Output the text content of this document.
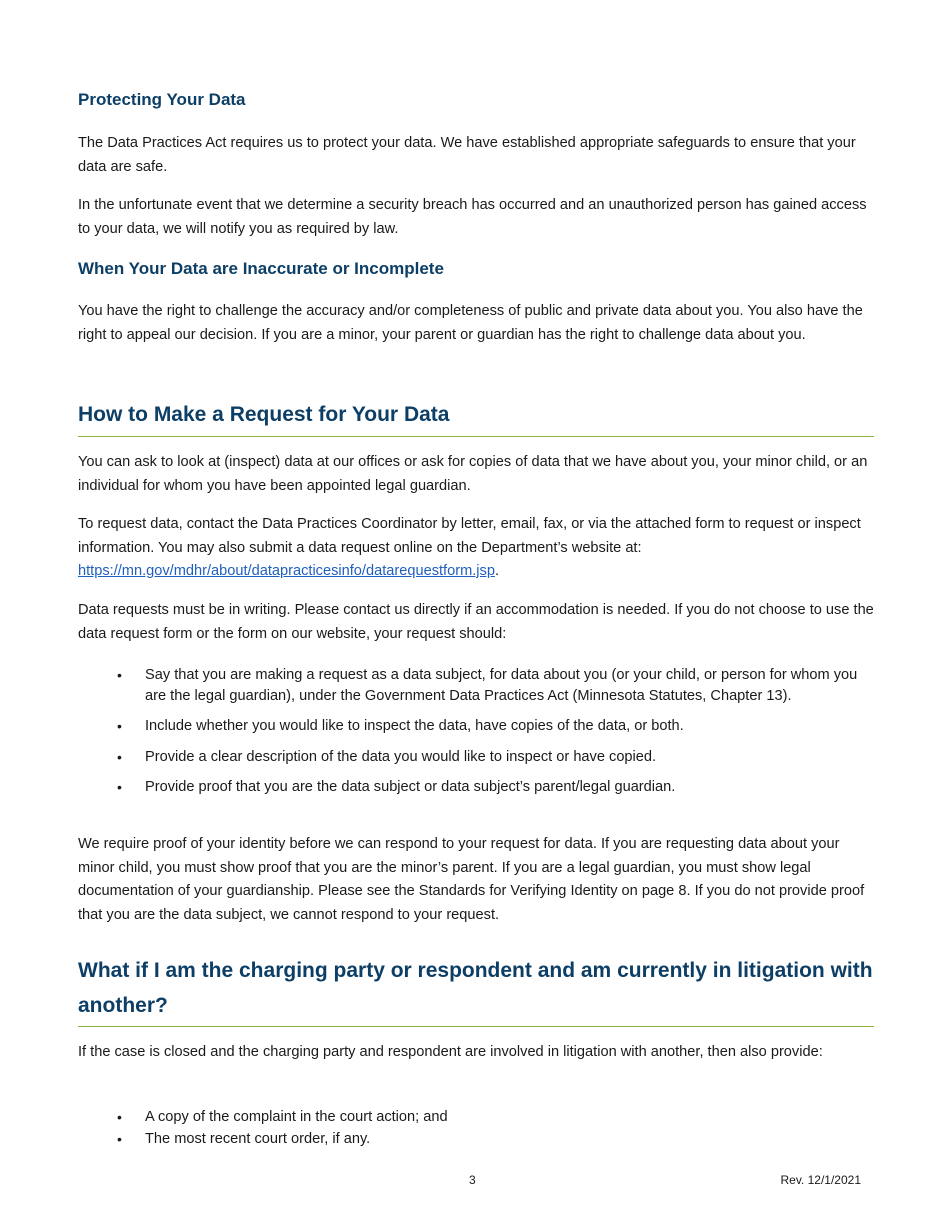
Protecting Your Data

The Data Practices Act requires us to protect your data. We have established appropriate safeguards to ensure that your data are safe.

In the unfortunate event that we determine a security breach has occurred and an unauthorized person has gained access to your data, we will notify you as required by law.

When Your Data are Inaccurate or Incomplete

You have the right to challenge the accuracy and/or completeness of public and private data about you. You also have the right to appeal our decision. If you are a minor, your parent or guardian has the right to challenge data about you.

How to Make a Request for Your Data

You can ask to look at (inspect) data at our offices or ask for copies of data that we have about you, your minor child, or an individual for whom you have been appointed legal guardian.

To request data, contact the Data Practices Coordinator by letter, email, fax, or via the attached form to request or inspect information. You may also submit a data request online on the Department’s website at: https://mn.gov/mdhr/about/datapracticesinfo/datarequestform.jsp.

Data requests must be in writing. Please contact us directly if an accommodation is needed. If you do not choose to use the data request form or the form on our website, your request should:

• Say that you are making a request as a data subject, for data about you (or your child, or person for whom you are the legal guardian), under the Government Data Practices Act (Minnesota Statutes, Chapter 13).
• Include whether you would like to inspect the data, have copies of the data, or both.
• Provide a clear description of the data you would like to inspect or have copied.
• Provide proof that you are the data subject or data subject’s parent/legal guardian.

We require proof of your identity before we can respond to your request for data. If you are requesting data about your minor child, you must show proof that you are the minor’s parent. If you are a legal guardian, you must show legal documentation of your guardianship. Please see the Standards for Verifying Identity on page 8. If you do not provide proof that you are the data subject, we cannot respond to your request.

What if I am the charging party or respondent and am currently in litigation with another?

If the case is closed and the charging party and respondent are involved in litigation with another, then also provide:

• A copy of the complaint in the court action; and
• The most recent court order, if any.
3	Rev. 12/1/2021
